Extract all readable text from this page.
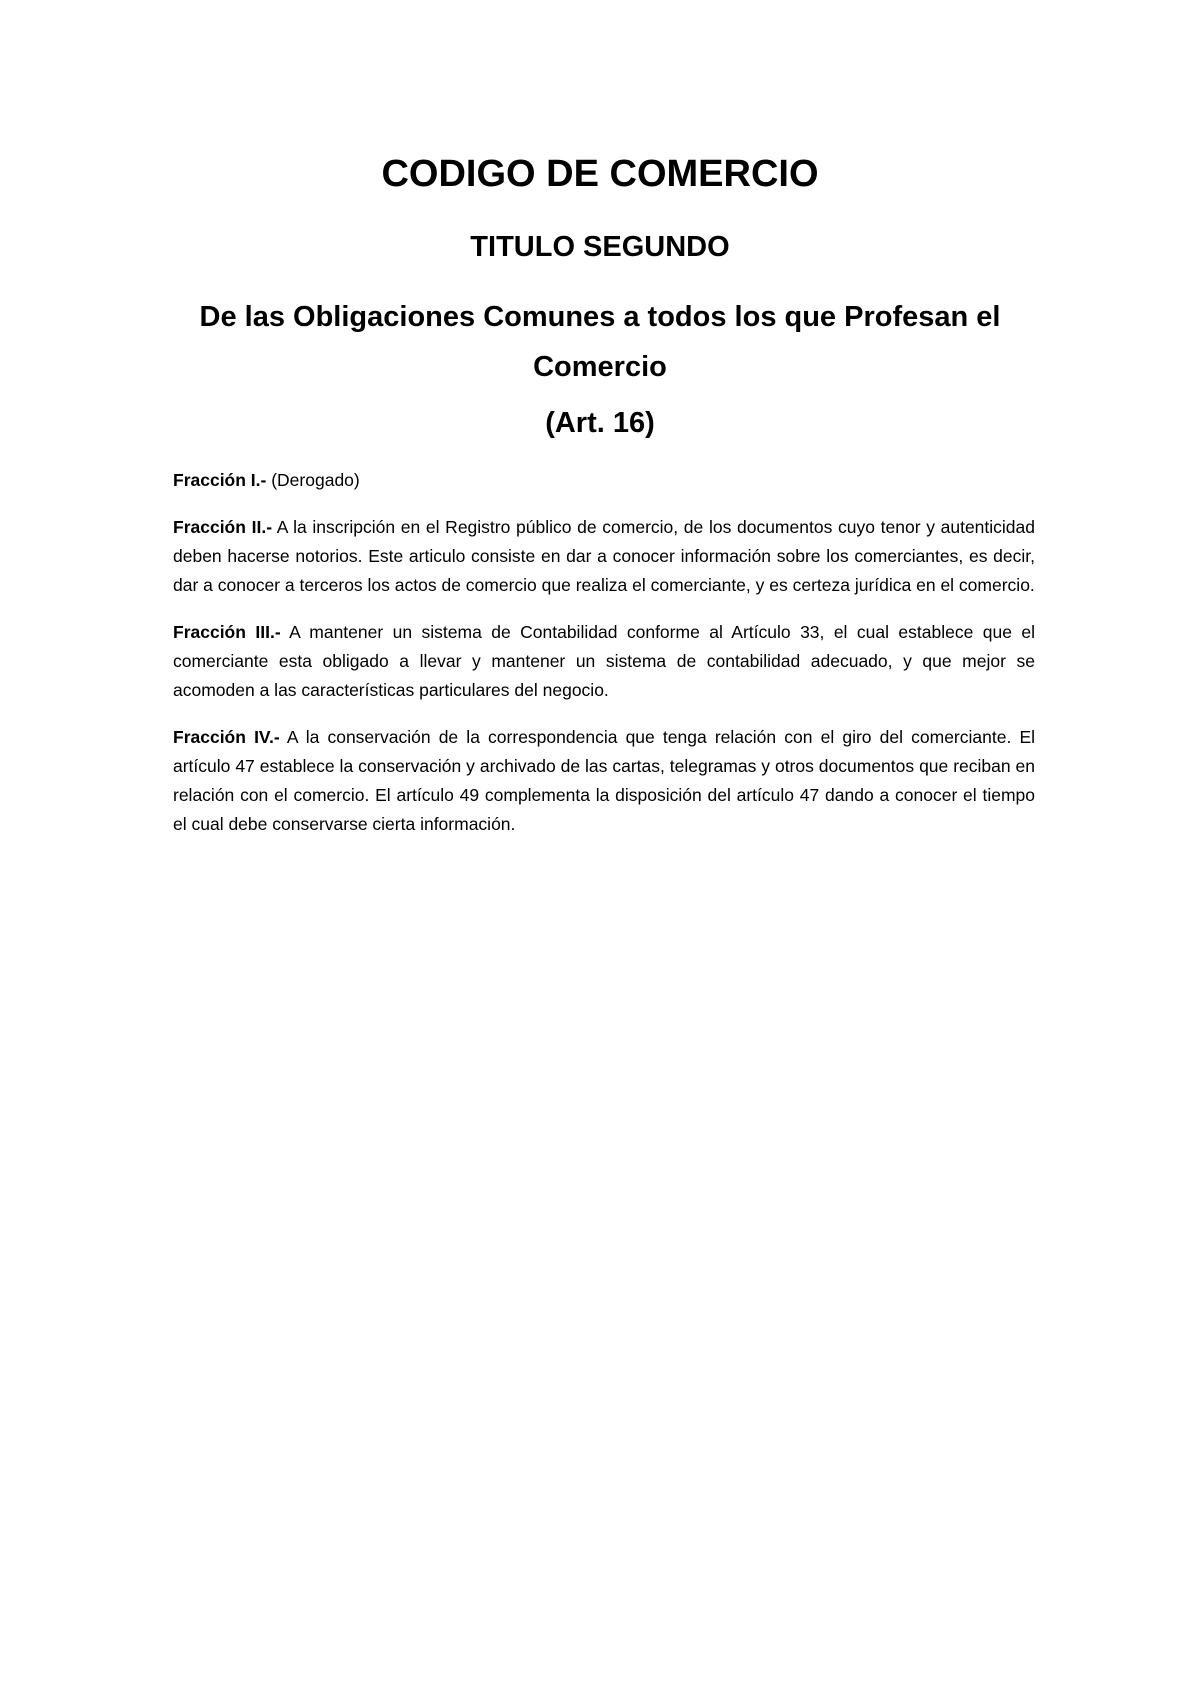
CODIGO DE COMERCIO
TITULO SEGUNDO
De las Obligaciones Comunes a todos los que Profesan el Comercio
(Art. 16)

Fracción I.- (Derogado)

Fracción II.- A la inscripción en el Registro público de comercio, de los documentos cuyo tenor y autenticidad deben hacerse notorios. Este articulo consiste en dar a conocer información sobre los comerciantes, es decir, dar a conocer a terceros los actos de comercio que realiza el comerciante, y es certeza jurídica en el comercio.

Fracción III.- A mantener un sistema de Contabilidad conforme al Artículo 33, el cual establece que el comerciante esta obligado a llevar y mantener un sistema de contabilidad adecuado, y que mejor se acomoden a las características particulares del negocio.

Fracción IV.- A la conservación de la correspondencia que tenga relación con el giro del comerciante. El artículo 47 establece la conservación y archivado de las cartas, telegramas y otros documentos que reciban en relación con el comercio. El artículo 49 complementa la disposición del artículo 47 dando a conocer el tiempo el cual debe conservarse cierta información.
